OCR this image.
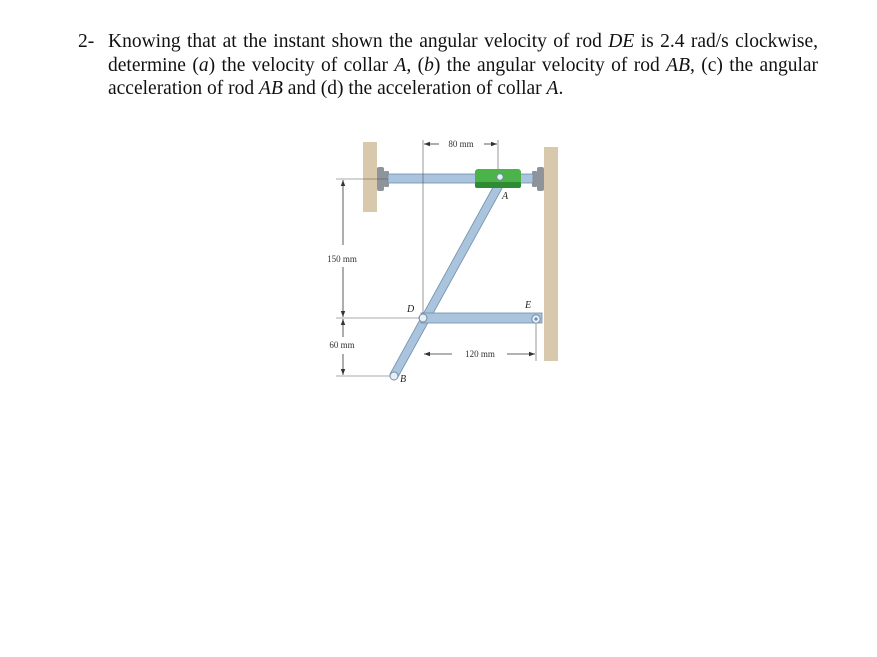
2- Knowing that at the instant shown the angular velocity of rod DE is 2.4 rad/s clockwise, determine (a) the velocity of collar A, (b) the angular velocity of rod AB, (c) the angular acceleration of rod AB and (d) the acceleration of collar A.
80 mm
150 mm
60 mm
120 mm
A
D	E
B
